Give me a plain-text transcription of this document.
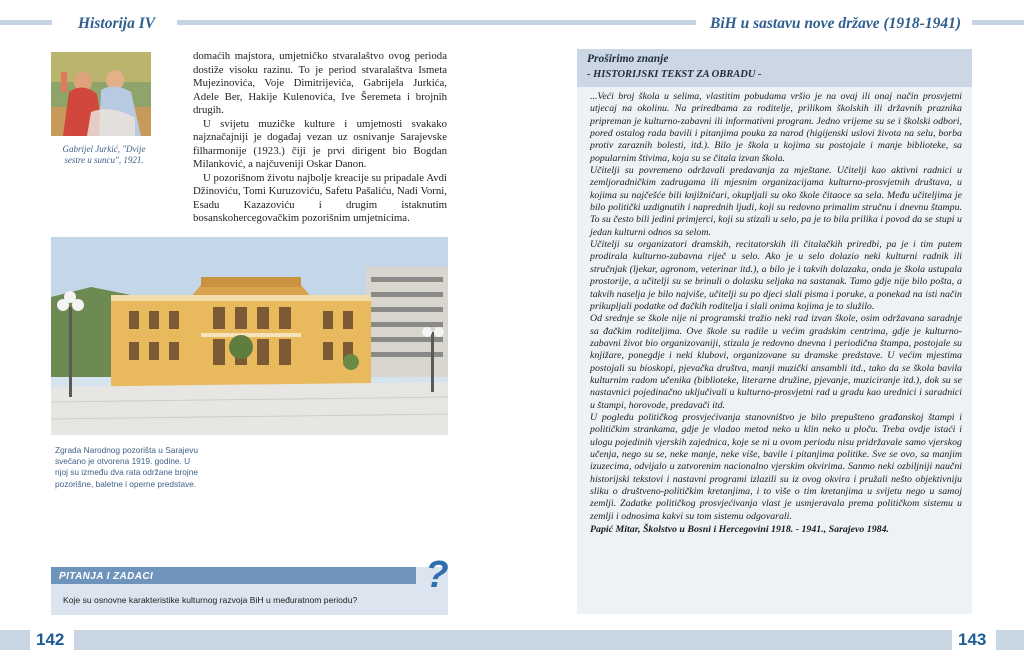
Historija IV	BiH u sastavu nove države (1918-1941)
Gabrijel Jurkić, "Dvije sestre u suncu", 1921.

domaćih majstora, umjetničko stvaralaštvo ovog perioda dostiže visoku razinu. To je period stvaralaštva Ismeta Mujezinovića, Voje Dimitrijevića, Gabrijela Jurkića, Adele Ber, Hakije Kulenovića, Ive Šeremeta i brojnih drugih.

U svijetu muzičke kulture i umjetnosti svakako najznačajniji je događaj vezan uz osnivanje Sarajevske filharmonije (1923.) čiji je prvi dirigent bio Bogdan Milanković, a najčuveniji Oskar Danon.

U pozorišnom životu najbolje kreacije su pripadale Avdi Džinoviću, Tomi Kuruzoviću, Safetu Pašaliću, Nadi Vorni, Esadu Kazazoviću i drugim istaknutim bosanskohercegovačkim pozorišnim umjetnicima.

Zgrada Narodnog pozorišta u Sarajevu svečano je otvorena 1919. godine. U njoj su između dva rata održane brojne pozorišne, baletne i operne predstave.
PITANJA I ZADACI
Koje su osnovne karakteristike kulturnog razvoja BiH u međuratnom periodu?
?
Proširimo znanje
- HISTORIJSKI TEKST ZA OBRADU -

...Veći broj škola u selima, vlastitim pobudama vršio je na ovaj ili onaj način prosvjetni utjecaj na okolinu. Na priredbama za roditelje, prilikom školskih ili državnih praznika pripreman je kulturno-zabavni ili informativni program. Jedno vrijeme su se i školski odbori, pored ostalog rada bavili i pitanjima pouka za narod (higijenski uslovi života na selu, borba protiv zaraznih bolesti, itd.). Bilo je škola u kojima su postojale i manje biblioteke, sa popularnim štivima, koja su se čitala izvan škola.

Učitelji su povremeno održavali predavanja za mještane. Učitelji kao aktivni radnici u zemljoradničkim zadrugama ili mjesnim organizacijama kulturno-prosvjetnih društava, u kojima su najčešće bili knjižničari, okupljali su oko škole čitaoce sa sela. Među učiteljima je bilo politički uzdignutih i naprednih ljudi, koji su redovno primalim stručnu i dnevnu štampu. To su često bili jedini primjerci, koji su stizali u selo, pa je to bila prilika i povod da se stupi u jedan kulturni odnos sa selom.

Učitelji su organizatori dramskih, recitatorskih ili čitalačkih priredbi, pa je i tim putem prodirala kulturno-zabavna riječ u selo. Ako je u selo dolazio neki kulturni radnik ili stručnjak (ljekar, agronom, veterinar itd.), a bilo je i takvih dolazaka, onda je škola ustupala prostorije, a učitelji su se brinuli o dolasku seljaka na sastanak. Tamo gdje nije bilo pošta, a takvih naselja je bilo najviše, učitelji su po djeci slali pisma i poruke, a ponekad na isti način prikupljali podatke od đačkih roditelja i slali onima kojima je to služilo.

Od srednje se škole nije ni programski tražio neki rad izvan škole, osim održavana saradnje sa đačkim roditeljima. Ove škole su radile u većim gradskim centrima, gdje je kulturno-zabavni život bio organizovaniji, stizala je redovno dnevna i periodična štampa, postojale su knjižare, ponegdje i neki klubovi, organizovane su dramske predstave. U većim mjestima postojali su bioskopi, pjevačka društva, manji muzički ansambli itd., tako da se škola bavila kulturnim radom učenika (biblioteke, literarne družine, pjevanje, muziciranje itd.), dok su se nastavnici pojedinačno uključivali u kulturno-prosvjetni rad u gradu kao urednici i saradnici u štampi, horovode, predavači itd.

U pogledu političkog prosvjećivanja stanovništvo je bilo prepušteno građanskoj štampi i političkim strankama, gdje je vladao metod neko u klin neko u ploču. Treba ovdje istaći i ulogu pojedinih vjerskih zajednica, koje se ni u ovom periodu nisu pridržavale samo vjerskog učenja, nego su se, neke manje, neke više, bavile i pitanjima politike. Sve se ovo, sa manjim izuzecima, odvijalo u zatvorenim nacionalno vjerskim okvirima. Sanmo neki ozbiljniji naučni historijski tekstovi i nastavni programi izlazili su iz ovog okvira i pružali nešto objektivniju sliku o društveno-političkim kretanjima, i to više o tim kretanjima u svijetu nego u samoj zemlji. Zadatke političkog prosvjećivanja vlast je usmjeravala prema političkom sistemu u zemlji i odnosima kakvi su tom sistemu odgovarali.

Papić Mitar, Školstvo u Bosni i Hercegovini 1918. - 1941., Sarajevo 1984.

142	143
